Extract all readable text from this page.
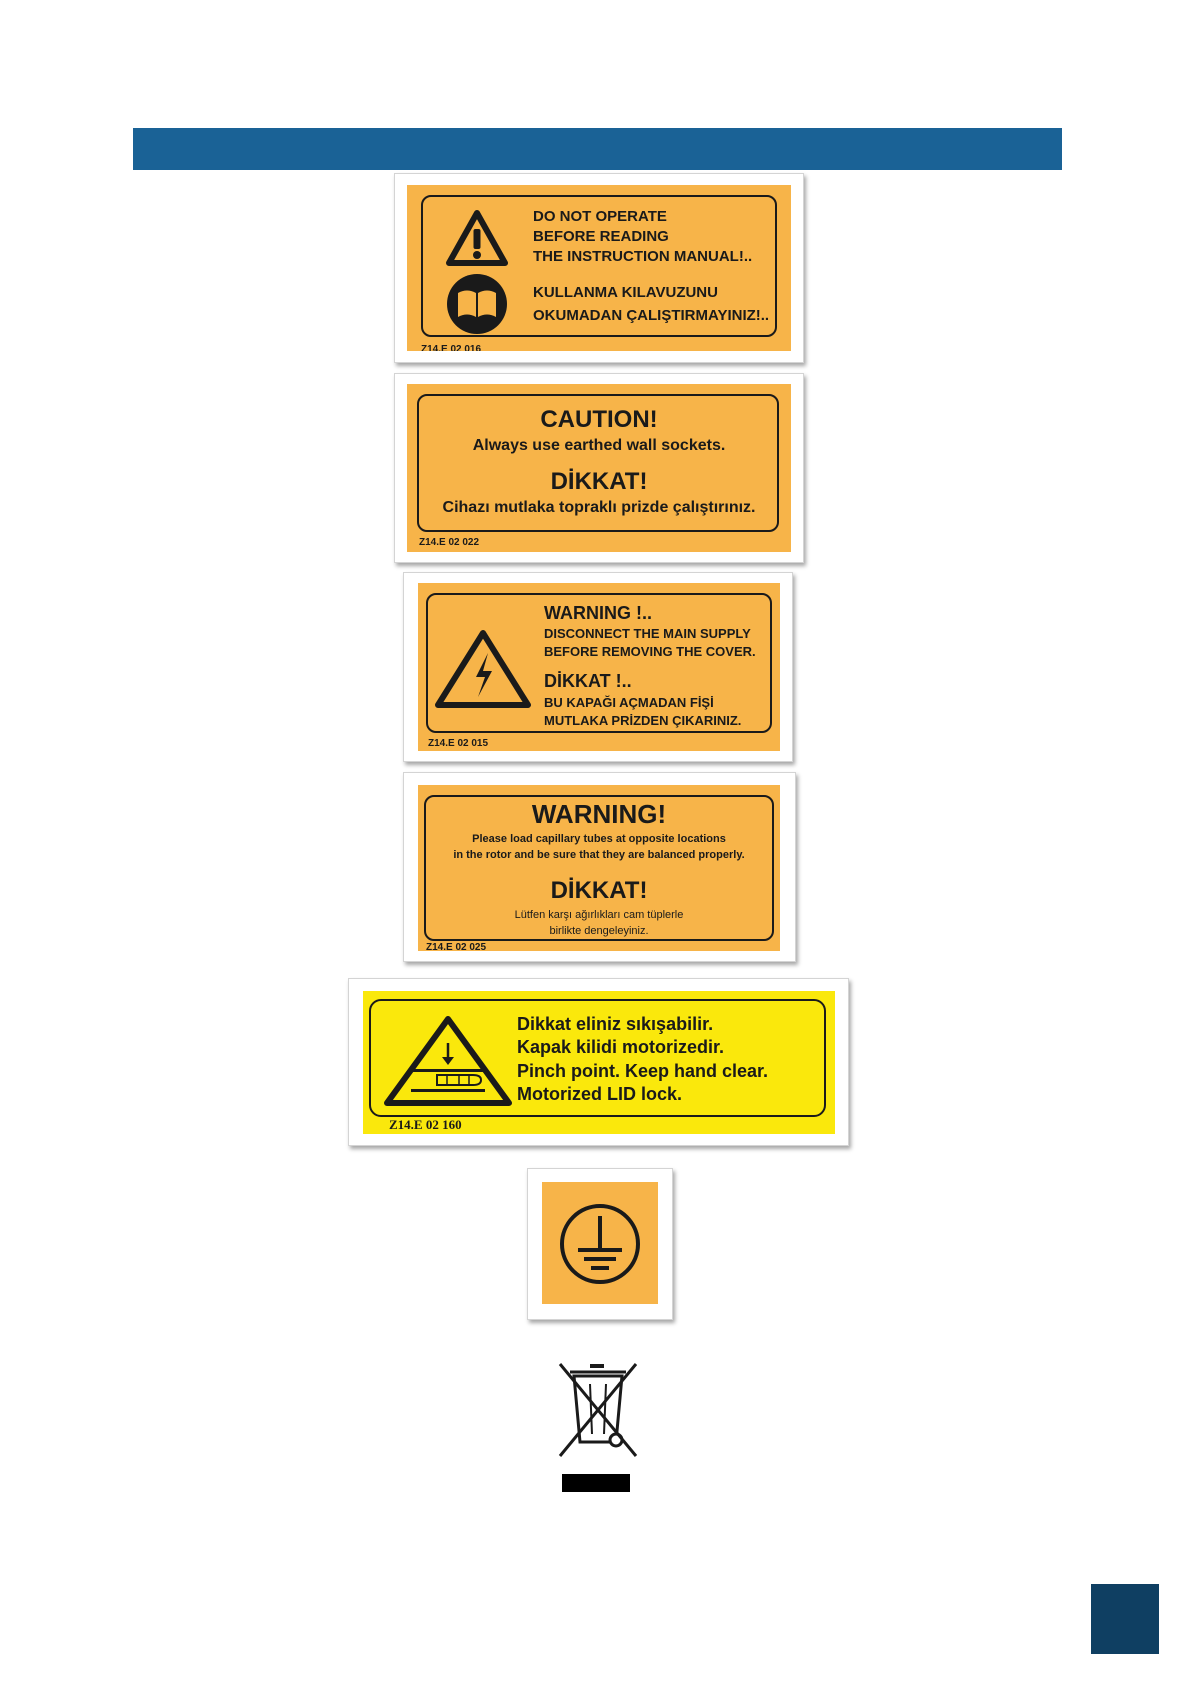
DO NOT OPERATE
BEFORE READING
THE INSTRUCTION MANUAL!..
KULLANMA KILAVUZUNU
OKUMADAN ÇALIŞTIRMAYINIZ!..
Z14.E 02 016
CAUTION!
Always use earthed wall sockets.
DİKKAT!
Cihazı mutlaka topraklı prizde çalıştırınız.
Z14.E 02 022
WARNING !..
DISCONNECT THE MAIN SUPPLY
BEFORE REMOVING THE COVER.
DİKKAT !..
BU KAPAĞI AÇMADAN FİŞİ
MUTLAKA PRİZDEN ÇIKARINIZ.
Z14.E 02 015
WARNING!
Please load capillary tubes at opposite locations
in the rotor and be sure that they are balanced properly.
DİKKAT!
Lütfen karşı ağırlıkları cam tüplerle
birlikte dengeleyiniz.
Z14.E 02 025
Dikkat eliniz sıkışabilir.
Kapak kilidi motorizedir.
Pinch point. Keep hand clear.
Motorized LID lock.
Z14.E 02 160
